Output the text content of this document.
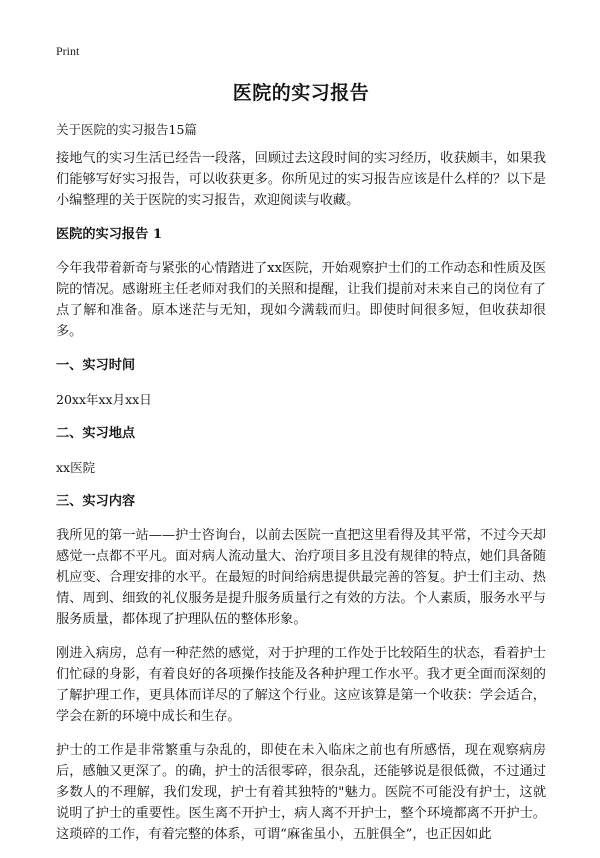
Print
医院的实习报告

关于医院的实习报告15篇

接地气的实习生活已经告一段落，回顾过去这段时间的实习经历，收获颇丰，如果我们能够写好实习报告，可以收获更多。你所见过的实习报告应该是什么样的？以下是小编整理的关于医院的实习报告，欢迎阅读与收藏。

医院的实习报告 1

今年我带着新奇与紧张的心情踏进了xx医院，开始观察护士们的工作动态和性质及医院的情况。感谢班主任老师对我们的关照和提醒，让我们提前对未来自己的岗位有了点了解和准备。原本迷茫与无知，现如今满载而归。即使时间很多短，但收获却很多。

一、实习时间

20xx年xx月xx日

二、实习地点

xx医院

三、实习内容

我所见的第一站——护士咨询台，以前去医院一直把这里看得及其平常，不过今天却感觉一点都不平凡。面对病人流动量大、治疗项目多且没有规律的特点，她们具备随机应变、合理安排的水平。在最短的时间给病患提供最完善的答复。护士们主动、热情、周到、细致的礼仪服务是提升服务质量行之有效的方法。个人素质，服务水平与服务质量，都体现了护理队伍的整体形象。

刚进入病房，总有一种茫然的感觉，对于护理的工作处于比较陌生的状态，看着护士们忙碌的身影，有着良好的各项操作技能及各种护理工作水平。我才更全面而深刻的了解护理工作，更具体而详尽的了解这个行业。这应该算是第一个收获：学会适合，学会在新的环境中成长和生存。

护士的工作是非常繁重与杂乱的，即使在未入临床之前也有所感悟，现在观察病房后，感触又更深了。的确，护士的活很零碎，很杂乱，还能够说是很低微，不过通过多数人的不理解，我们发现，护士有着其独特的"魅力。医院不可能没有护士，这就说明了护士的重要性。医生离不开护士，病人离不开护士，整个环境都离不开护士。这琐碎的工作，有着完整的体系，可谓“麻雀虽小，五脏俱全”，也正因如此
